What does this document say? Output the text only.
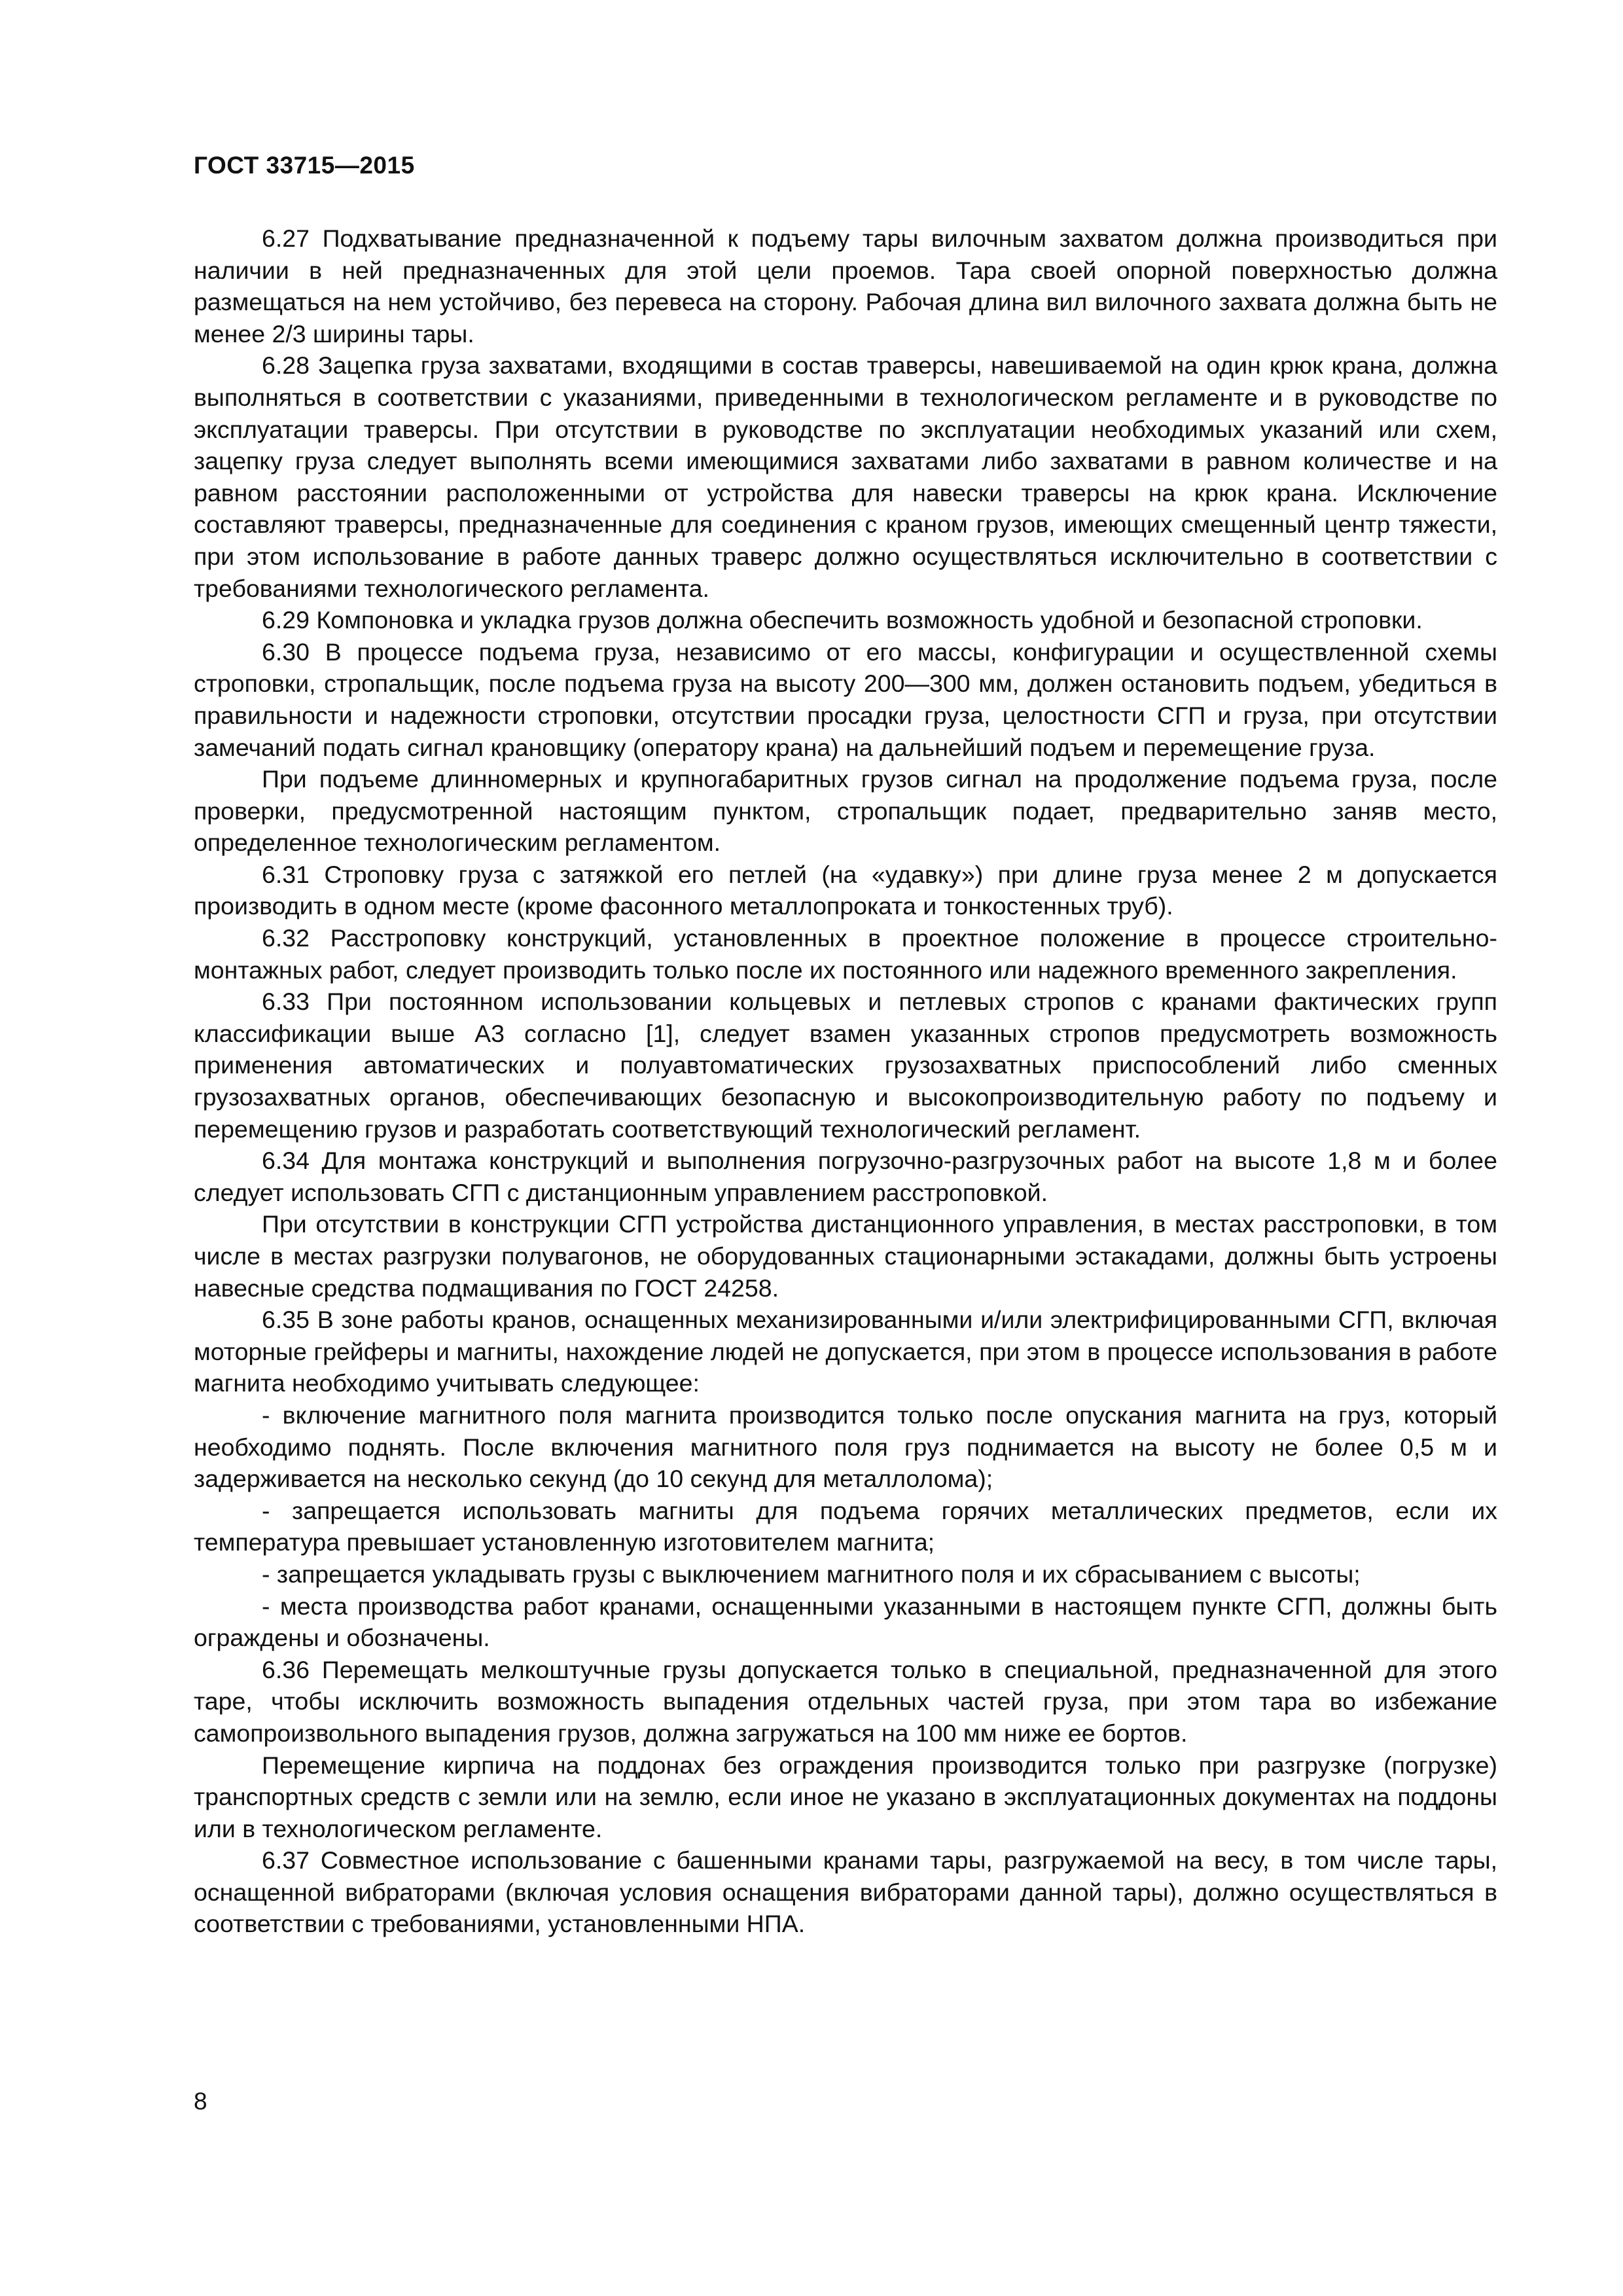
ГОСТ 33715—2015

6.27 Подхватывание предназначенной к подъему тары вилочным захватом должна производиться при наличии в ней предназначенных для этой цели проемов. Тара своей опорной поверхностью должна размещаться на нем устойчиво, без перевеса на сторону. Рабочая длина вил вилочного захвата должна быть не менее 2/3 ширины тары.

6.28 Зацепка груза захватами, входящими в состав траверсы, навешиваемой на один крюк крана, должна выполняться в соответствии с указаниями, приведенными в технологическом регламенте и в руководстве по эксплуатации траверсы. При отсутствии в руководстве по эксплуатации необходимых указаний или схем, зацепку груза следует выполнять всеми имеющимися захватами либо захватами в равном количестве и на равном расстоянии расположенными от устройства для навески траверсы на крюк крана. Исключение составляют траверсы, предназначенные для соединения с краном грузов, имеющих смещенный центр тяжести, при этом использование в работе данных траверс должно осуществляться исключительно в соответствии с требованиями технологического регламента.

6.29 Компоновка и укладка грузов должна обеспечить возможность удобной и безопасной строповки.

6.30 В процессе подъема груза, независимо от его массы, конфигурации и осуществленной схемы строповки, стропальщик, после подъема груза на высоту 200—300 мм, должен остановить подъем, убедиться в правильности и надежности строповки, отсутствии просадки груза, целостности СГП и груза, при отсутствии замечаний подать сигнал крановщику (оператору крана) на дальнейший подъем и перемещение груза.

При подъеме длинномерных и крупногабаритных грузов сигнал на продолжение подъема груза, после проверки, предусмотренной настоящим пунктом, стропальщик подает, предварительно заняв место, определенное технологическим регламентом.

6.31 Строповку груза с затяжкой его петлей (на «удавку») при длине груза менее 2 м допускается производить в одном месте (кроме фасонного металлопроката и тонкостенных труб).

6.32 Расстроповку конструкций, установленных в проектное положение в процессе строительно-монтажных работ, следует производить только после их постоянного или надежного временного закрепления.

6.33 При постоянном использовании кольцевых и петлевых стропов с кранами фактических групп классификации выше А3 согласно [1], следует взамен указанных стропов предусмотреть возможность применения автоматических и полуавтоматических грузозахватных приспособлений либо сменных грузозахватных органов, обеспечивающих безопасную и высокопроизводительную работу по подъему и перемещению грузов и разработать соответствующий технологический регламент.

6.34 Для монтажа конструкций и выполнения погрузочно-разгрузочных работ на высоте 1,8 м и более следует использовать СГП с дистанционным управлением расстроповкой.

При отсутствии в конструкции СГП устройства дистанционного управления, в местах расстроповки, в том числе в местах разгрузки полувагонов, не оборудованных стационарными эстакадами, должны быть устроены навесные средства подмащивания по ГОСТ 24258.

6.35 В зоне работы кранов, оснащенных механизированными и/или электрифицированными СГП, включая моторные грейферы и магниты, нахождение людей не допускается, при этом в процессе использования в работе магнита необходимо учитывать следующее:

- включение магнитного поля магнита производится только после опускания магнита на груз, который необходимо поднять. После включения магнитного поля груз поднимается на высоту не более 0,5 м и задерживается на несколько секунд (до 10 секунд для металлолома);

- запрещается использовать магниты для подъема горячих металлических предметов, если их температура превышает установленную изготовителем магнита;

- запрещается укладывать грузы с выключением магнитного поля и их сбрасыванием с высоты;

- места производства работ кранами, оснащенными указанными в настоящем пункте СГП, должны быть ограждены и обозначены.

6.36 Перемещать мелкоштучные грузы допускается только в специальной, предназначенной для этого таре, чтобы исключить возможность выпадения отдельных частей груза, при этом тара во избежание самопроизвольного выпадения грузов, должна загружаться на 100 мм ниже ее бортов.

Перемещение кирпича на поддонах без ограждения производится только при разгрузке (погрузке) транспортных средств с земли или на землю, если иное не указано в эксплуатационных документах на поддоны или в технологическом регламенте.

6.37 Совместное использование с башенными кранами тары, разгружаемой на весу, в том числе тары, оснащенной вибраторами (включая условия оснащения вибраторами данной тары), должно осуществляться в соответствии с требованиями, установленными НПА.

8
